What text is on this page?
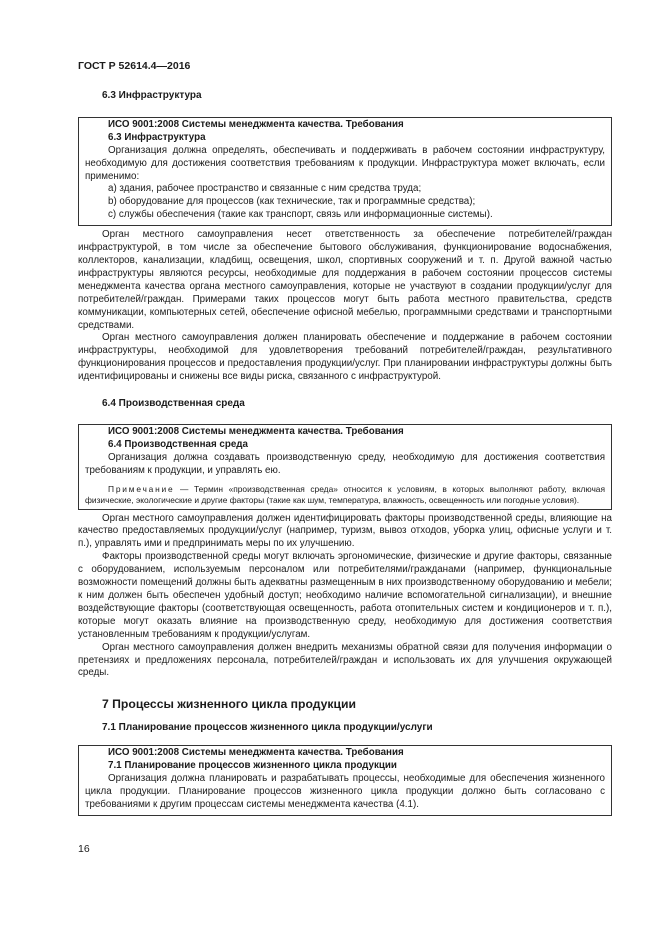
ГОСТ Р 52614.4—2016
6.3 Инфраструктура
ИСО 9001:2008 Системы менеджмента качества. Требования
6.3 Инфраструктура

Организация должна определять, обеспечивать и поддерживать в рабочем состоянии инфраструктуру, необходимую для достижения соответствия требованиям к продукции. Инфраструктура может включать, если применимо:

а) здания, рабочее пространство и связанные с ним средства труда;

b) оборудование для процессов (как технические, так и программные средства);

с) службы обеспечения (такие как транспорт, связь или информационные системы).

Орган местного самоуправления несет ответственность за обеспечение потребителей/граждан инфраструктурой, в том числе за обеспечение бытового обслуживания, функционирование водоснабжения, коллекторов, канализации, кладбищ, освещения, школ, спортивных сооружений и т. п. Другой важной частью инфраструктуры являются ресурсы, необходимые для поддержания в рабочем состоянии процессов системы менеджмента качества органа местного самоуправления, которые не участвуют в создании продукции/услуг для потребителей/граждан. Примерами таких процессов могут быть работа местного правительства, средств коммуникации, компьютерных сетей, обеспечение офисной мебелью, программными средствами и транспортными средствами.

Орган местного самоуправления должен планировать обеспечение и поддержание в рабочем состоянии инфраструктуры, необходимой для удовлетворения требований потребителей/граждан, результативного функционирования процессов и предоставления продукции/услуг. При планировании инфраструктуры должны быть идентифицированы и снижены все виды риска, связанного с инфраструктурой.

6.4 Производственная среда
ИСО 9001:2008 Системы менеджмента качества. Требования
6.4 Производственная среда

Организация должна создавать производственную среду, необходимую для достижения соответствия требованиям к продукции, и управлять ею.

Примечание — Термин «производственная среда» относится к условиям, в которых выполняют работу, включая физические, экологические и другие факторы (такие как шум, температура, влажность, освещенность или погодные условия).

Орган местного самоуправления должен идентифицировать факторы производственной среды, влияющие на качество предоставляемых продукции/услуг (например, туризм, вывоз отходов, уборка улиц, офисные услуги и т. п.), управлять ими и предпринимать меры по их улучшению.

Факторы производственной среды могут включать эргономические, физические и другие факторы, связанные с оборудованием, используемым персоналом или потребителями/гражданами (например, функциональные возможности помещений должны быть адекватны размещенным в них производственному оборудованию и мебели; к ним должен быть обеспечен удобный доступ; необходимо наличие вспомогательной сигнализации), и внешние воздействующие факторы (соответствующая освещенность, работа отопительных систем и кондиционеров и т. п.), которые могут оказать влияние на производственную среду, необходимую для достижения соответствия установленным требованиям к продукции/услугам.

Орган местного самоуправления должен внедрить механизмы обратной связи для получения информации о претензиях и предложениях персонала, потребителей/граждан и использовать их для улучшения окружающей среды.

7 Процессы жизненного цикла продукции
7.1 Планирование процессов жизненного цикла продукции/услуги
ИСО 9001:2008 Системы менеджмента качества. Требования
7.1 Планирование процессов жизненного цикла продукции

Организация должна планировать и разрабатывать процессы, необходимые для обеспечения жизненного цикла продукции. Планирование процессов жизненного цикла продукции должно быть согласовано с требованиями к другим процессам системы менеджмента качества (4.1).

16
